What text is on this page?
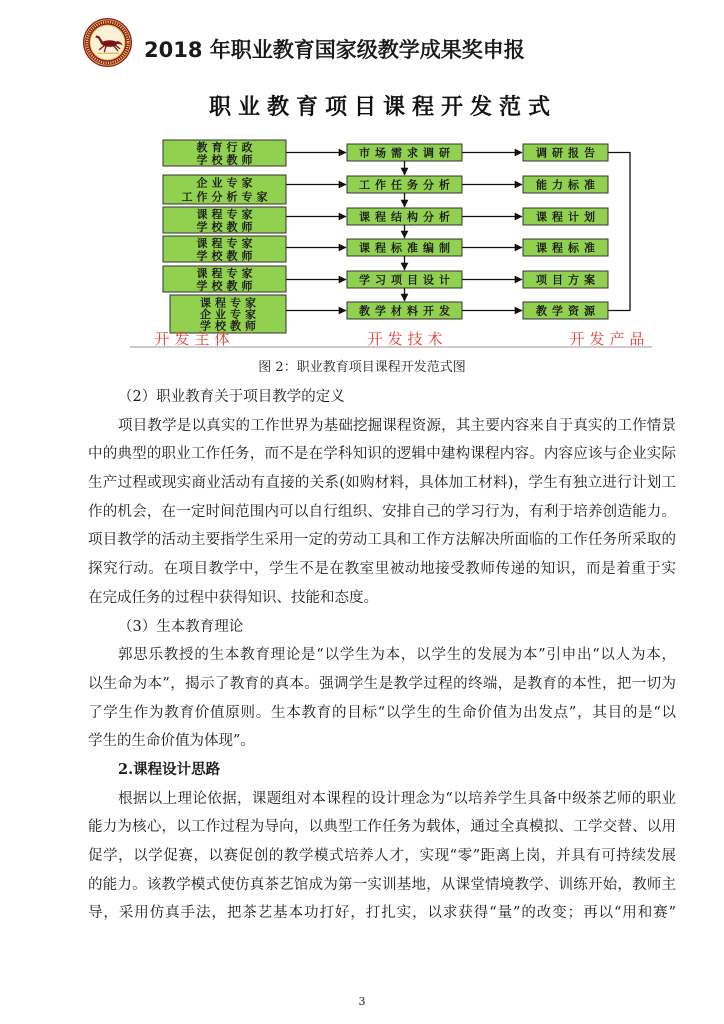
2018 年职业教育国家级教学成果奖申报
职业教育项目课程开发范式
教育行政
学校教师
企业专家
工作分析专家
课程专家
学校教师
课程专家
学校教师
课程专家
学校教师
课程专家
企业专家
学校教师
市场需求调研
工作任务分析
课程结构分析
课程标准编制
学习项目设计
教学材料开发
调研报告
能力标准
课程计划
课程标准
项目方案
教学资源
开发主体	开发技术	开发产品
图 2：职业教育项目课程开发范式图
（2）职业教育关于项目教学的定义
项目教学是以真实的工作世界为基础挖掘课程资源，其主要内容来自于真实的工作情景
中的典型的职业工作任务，而不是在学科知识的逻辑中建构课程内容。内容应该与企业实际
生产过程或现实商业活动有直接的关系(如购材料，具体加工材料)，学生有独立进行计划工
作的机会，在一定时间范围内可以自行组织、安排自己的学习行为，有利于培养创造能力。
项目教学的活动主要指学生采用一定的劳动工具和工作方法解决所面临的工作任务所采取的
探究行动。在项目教学中，学生不是在教室里被动地接受教师传递的知识，而是着重于实
在完成任务的过程中获得知识、技能和态度。
（3）生本教育理论
郭思乐教授的生本教育理论是“以学生为本，以学生的发展为本”引申出“以人为本，
以生命为本”，揭示了教育的真本。强调学生是教学过程的终端，是教育的本性，把一切为
了学生作为教育价值原则。生本教育的目标“以学生的生命价值为出发点”，其目的是“以
学生的生命价值为体现”。
2.课程设计思路
根据以上理论依据，课题组对本课程的设计理念为“以培养学生具备中级茶艺师的职业
能力为核心，以工作过程为导向，以典型工作任务为载体，通过全真模拟、工学交替、以用
促学，以学促赛，以赛促创的教学模式培养人才，实现“零”距离上岗，并具有可持续发展
的能力。该教学模式使仿真茶艺馆成为第一实训基地，从课堂情境教学、训练开始，教师主
导，采用仿真手法，把茶艺基本功打好，打扎实，以求获得“量”的改变；再以“用和赛”
3
